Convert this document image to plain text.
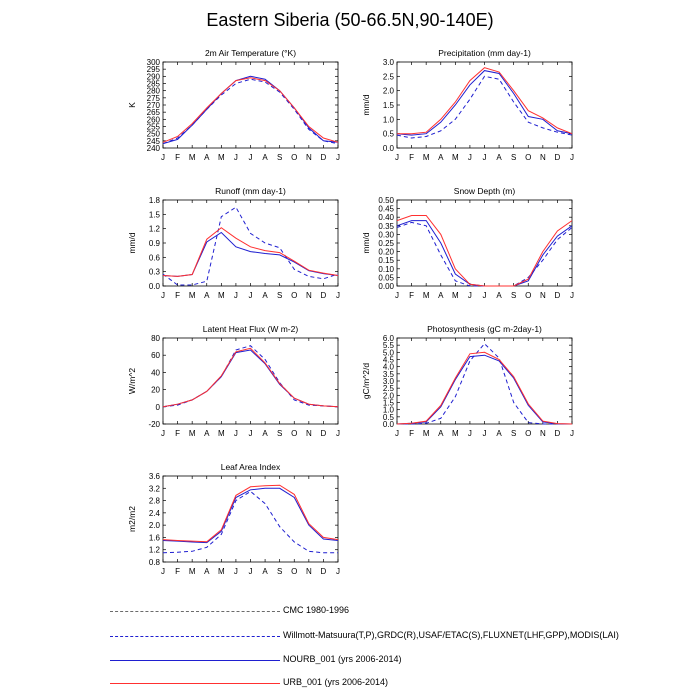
Eastern Siberia (50-66.5N,90-140E)
2m Air Temperature (°K)
240
245
250
255
260
265
270
275
280
285
290
295
300
J F M A M J J A S O N D J
K
Precipitation (mm day-1)
0.0
0.5
1.0
1.5
2.0
2.5
3.0
J F M A M J J A S O N D J
mm/d
Runoff (mm day-1)
0.0
0.3
0.6
0.9
1.2
1.5
1.8
J F M A M J J A S O N D J
mm/d
Snow Depth (m)
0.00
0.05
0.10
0.15
0.20
0.25
0.30
0.35
0.40
0.45
0.50
J F M A M J J A S O N D J
mm/d
Latent Heat Flux (W m-2)
-20
0
20
40
60
80
J F M A M J J A S O N D J
W/m^2
Photosynthesis (gC m-2day-1)
0.0
0.5
1.0
1.5
2.0
2.5
3.0
3.5
4.0
4.5
5.0
5.5
6.0
J F M A M J J A S O N D J
gC/m^2/d
Leaf Area Index
0.8
1.2
1.6
2.0
2.4
2.8
3.2
3.6
J F M A M J J A S O N D J
m2/m2
CMC 1980-1996
Willmott-Matsuura(T,P),GRDC(R),USAF/ETAC(S),FLUXNET(LHF,GPP),MODIS(LAI)
NOURB_001 (yrs 2006-2014)
URB_001 (yrs 2006-2014)
